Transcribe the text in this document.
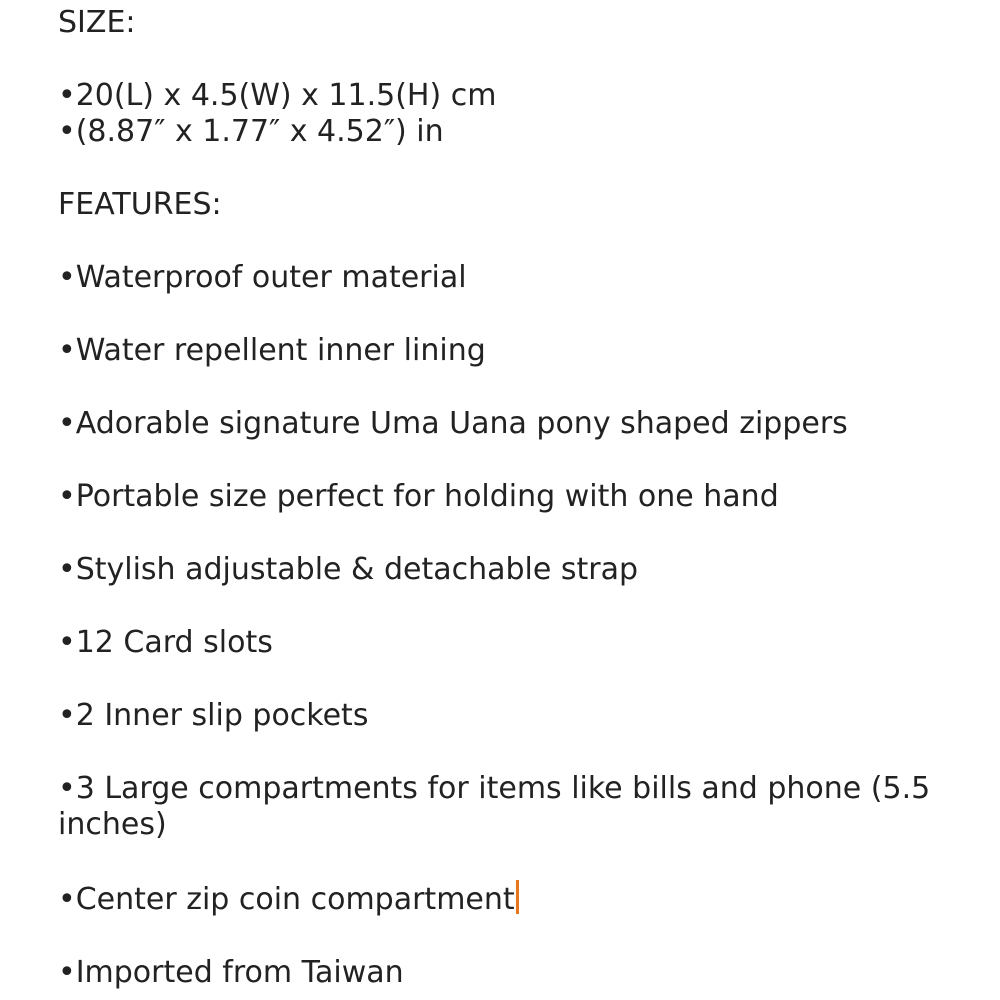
SIZE:
•20(L) x 4.5(W) x 11.5(H) cm
•(8.87″ x 1.77″ x 4.52″) in
FEATURES:
•Waterproof outer material
•Water repellent inner lining
•Adorable signature Uma Uana pony shaped zippers
•Portable size perfect for holding with one hand
•Stylish adjustable & detachable strap
•12 Card slots
•2 Inner slip pockets
•3 Large compartments for items like bills and phone (5.5 inches)
•Center zip coin compartment
•Imported from Taiwan
